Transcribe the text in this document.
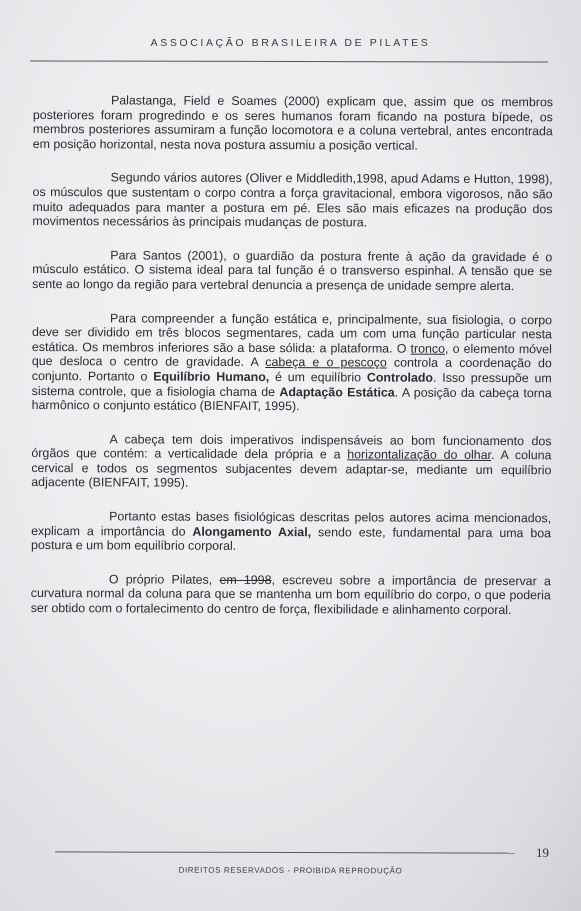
ASSOCIAÇÃO BRASILEIRA DE PILATES

Palastanga, Field e Soames (2000) explicam que, assim que os membros posteriores foram progredindo e os seres humanos foram ficando na postura bípede, os membros posteriores assumiram a função locomotora e a coluna vertebral, antes encontrada em posição horizontal, nesta nova postura assumiu a posição vertical.

Segundo vários autores (Oliver e Middledith,1998, apud Adams e Hutton, 1998), os músculos que sustentam o corpo contra a força gravitacional, embora vigorosos, não são muito adequados para manter a postura em pé. Eles são mais eficazes na produção dos movimentos necessários às principais mudanças de postura.

Para Santos (2001), o guardião da postura frente à ação da gravidade é o músculo estático. O sistema ideal para tal função é o transverso espinhal. A tensão que se sente ao longo da região para vertebral denuncia a presença de unidade sempre alerta.

Para compreender a função estática e, principalmente, sua fisiologia, o corpo deve ser dividido em três blocos segmentares, cada um com uma função particular nesta estática. Os membros inferiores são a base sólida: a plataforma. O tronco, o elemento móvel que desloca o centro de gravidade. A cabeça e o pescoço controla a coordenação do conjunto. Portanto o Equilíbrio Humano, é um equilíbrio Controlado. Isso pressupõe um sistema controle, que a fisiologia chama de Adaptação Estática. A posição da cabeça torna harmônico o conjunto estático (BIENFAIT, 1995).

A cabeça tem dois imperativos indispensáveis ao bom funcionamento dos órgãos que contém: a verticalidade dela própria e a horizontalização do olhar. A coluna cervical e todos os segmentos subjacentes devem adaptar-se, mediante um equilíbrio adjacente (BIENFAIT, 1995).

Portanto estas bases fisiológicas descritas pelos autores acima mencionados, explicam a importância do Alongamento Axial, sendo este, fundamental para uma boa postura e um bom equilíbrio corporal.

O próprio Pilates, em 1998, escreveu sobre a importância de preservar a curvatura normal da coluna para que se mantenha um bom equilíbrio do corpo, o que poderia ser obtido com o fortalecimento do centro de força, flexibilidade e alinhamento corporal.

19
DIREITOS RESERVADOS - PROIBIDA REPRODUÇÃO
